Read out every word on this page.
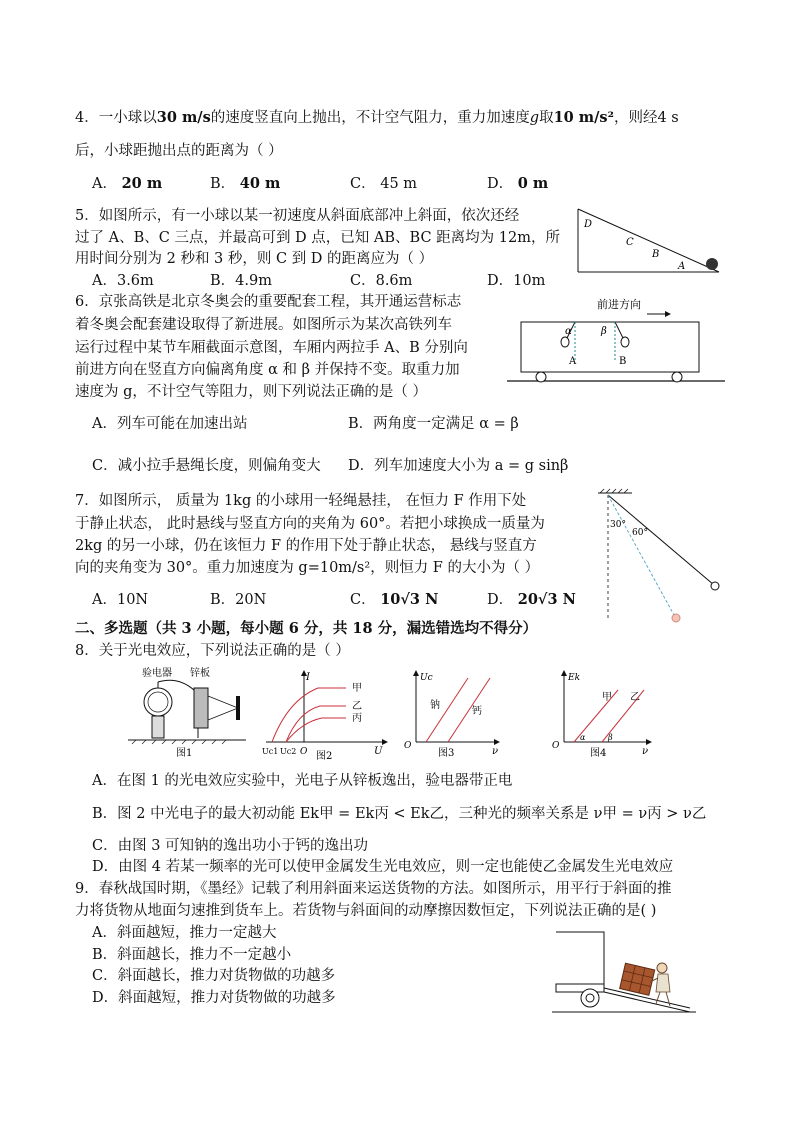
4．一小球以30 m/s的速度竖直向上抛出，不计空气阻力，重力加速度g取10 m/s²，则经4 s
后，小球距抛出点的距离为（ ）
A． 20 m	B． 40 m	C． 45 m	D． 0 m
5．如图所示，有一小球以某一初速度从斜面底部冲上斜面，依次还经
过了 A、B、C 三点，并最高可到 D 点，已知 AB、BC 距离均为 12m，所
用时间分别为 2 秒和 3 秒，则 C 到 D 的距离应为（ ）
A．3.6m	B．4.9m	C．8.6m	D．10m
D
C
B
A
6．京张高铁是北京冬奥会的重要配套工程，其开通运营标志
着冬奥会配套建设取得了新进展。如图所示为某次高铁列车
运行过程中某节车厢截面示意图，车厢内两拉手 A、B 分别向
前进方向在竖直方向偏离角度 α 和 β 并保持不变。取重力加
速度为 g，不计空气等阻力，则下列说法正确的是（ ）
A．列车可能在加速出站	B．两角度一定满足 α = β
C．减小拉手悬绳长度，则偏角变大 D．列车加速度大小为 a = g sinβ
前进方向
α
A
β
B
7．如图所示， 质量为 1kg 的小球用一轻绳悬挂， 在恒力 F 作用下处
于静止状态， 此时悬线与竖直方向的夹角为 60°。若把小球换成一质量为
2kg 的另一小球，仍在该恒力 F 的作用下处于静止状态， 悬线与竖直方
向的夹角变为 30°。重力加速度为 g=10m/s²，则恒力 F 的大小为（ ）
A．10N	B．20N	C． 10√3 N	D． 20√3 N
30°
60°
二、多选题（共 3 小题，每小题 6 分，共 18 分，漏选错选均不得分）
8．关于光电效应，下列说法正确的是（ ）
验电器 锌板
图1
I
甲
乙
丙
Uc1 Uc2 O	U
图2
Uc
钠
钙
O	ν
图3
Ek
甲 乙
O
α	β
ν
图4
A．在图 1 的光电效应实验中，光电子从锌板逸出，验电器带正电
B．图 2 中光电子的最大初动能 Ek甲 = Ek丙 < Ek乙，三种光的频率关系是 ν甲 = ν丙 > ν乙
C．由图 3 可知钠的逸出功小于钙的逸出功
D．由图 4 若某一频率的光可以使甲金属发生光电效应，则一定也能使乙金属发生光电效应
9．春秋战国时期，《墨经》记载了利用斜面来运送货物的方法。如图所示，用平行于斜面的推
力将货物从地面匀速推到货车上。若货物与斜面间的动摩擦因数恒定，下列说法正确的是( )
A．斜面越短，推力一定越大
B．斜面越长，推力不一定越小
C．斜面越长，推力对货物做的功越多
D．斜面越短，推力对货物做的功越多
